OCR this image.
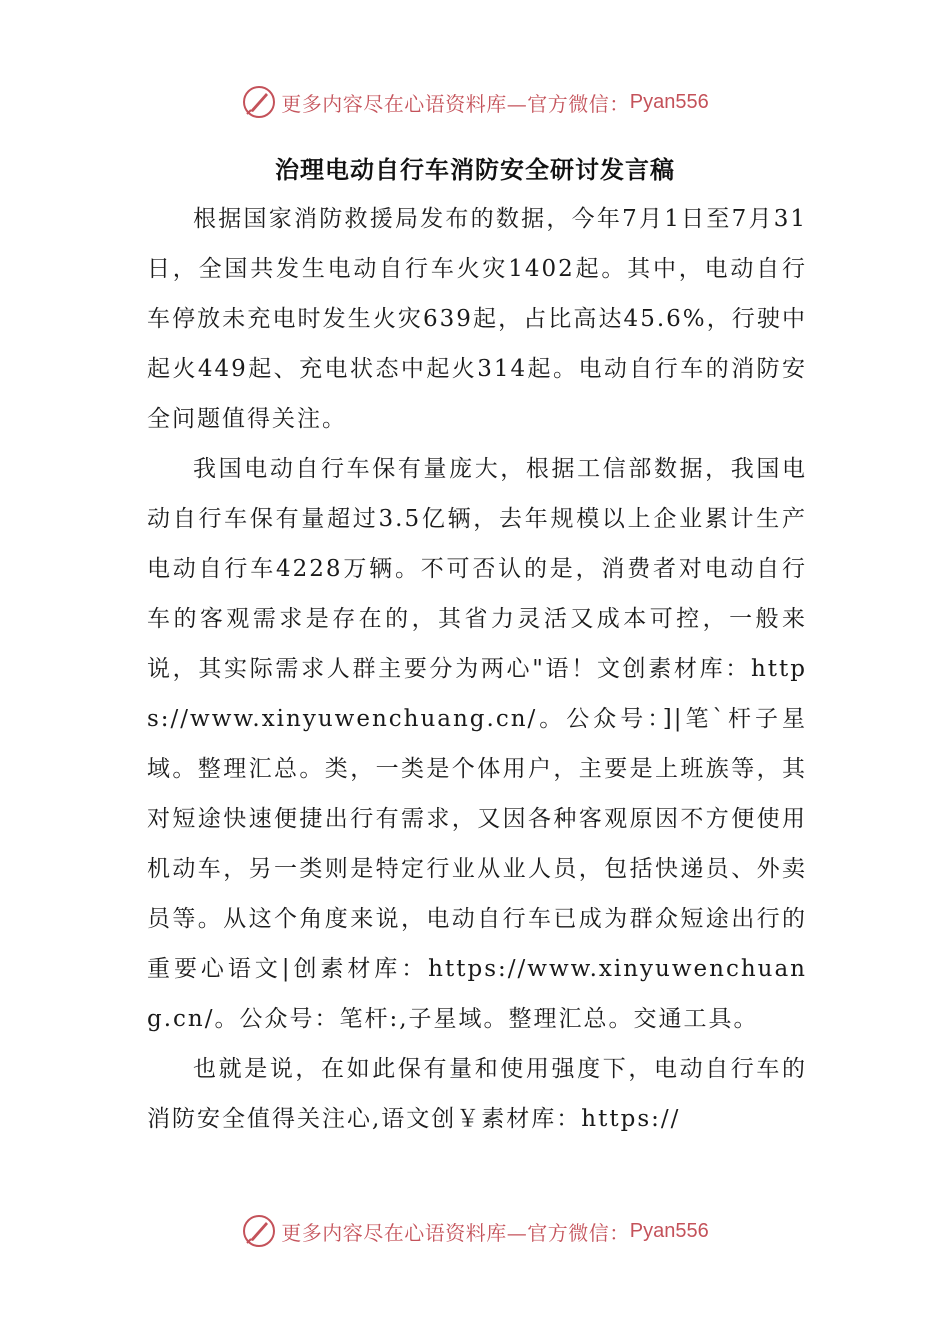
更多内容尽在心语资料库—官方微信： Pyan556
治理电动自行车消防安全研讨发言稿

根据国家消防救援局发布的数据，今年7月1日至7月31日，全国共发生电动自行车火灾1402起。其中，电动自行车停放未充电时发生火灾639起，占比高达45.6%，行驶中起火449起、充电状态中起火314起。电动自行车的消防安全问题值得关注。

我国电动自行车保有量庞大，根据工信部数据，我国电动自行车保有量超过3.5亿辆，去年规模以上企业累计生产电动自行车4228万辆。不可否认的是，消费者对电动自行车的客观需求是存在的，其省力灵活又成本可控，一般来说，其实际需求人群主要分为两心"语！文创素材库：https://www.xinyuwenchuang.cn/。公众号：]|笔`杆子星域。整理汇总。类，一类是个体用户，主要是上班族等，其对短途快速便捷出行有需求，又因各种客观原因不方便使用机动车，另一类则是特定行业从业人员，包括快递员、外卖员等。从这个角度来说，电动自行车已成为群众短途出行的重要心语文|创素材库：https://www.xinyuwenchuang.cn/。公众号：笔杆:,子星域。整理汇总。交通工具。

也就是说，在如此保有量和使用强度下，电动自行车的消防安全值得关注心,语文创￥素材库：https://

更多内容尽在心语资料库—官方微信： Pyan556
